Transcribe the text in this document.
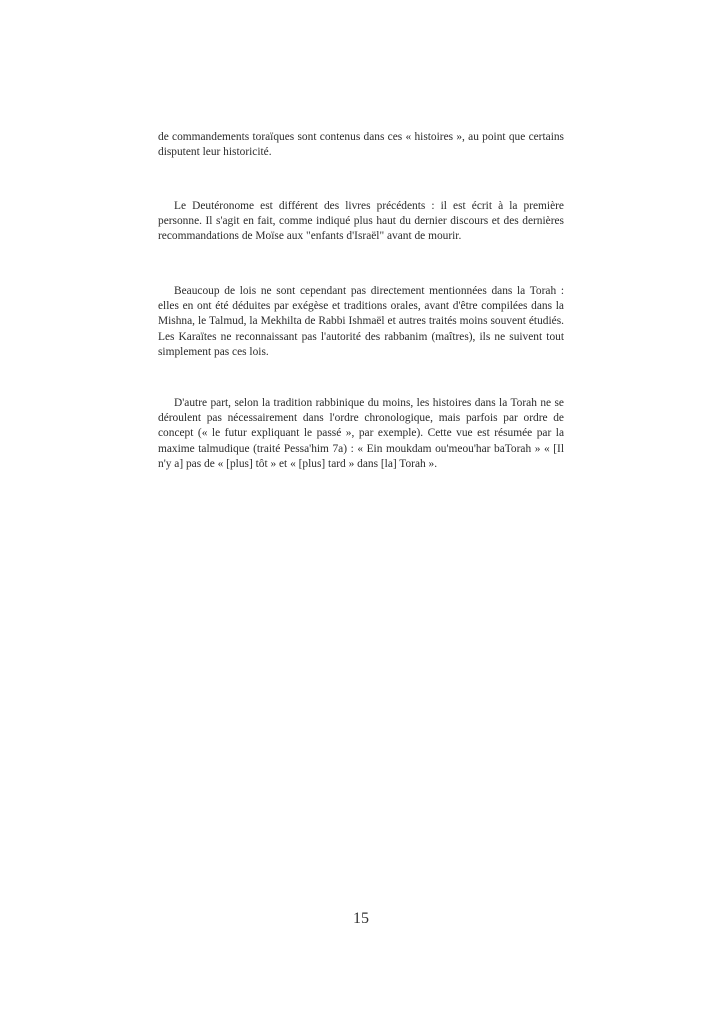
de commandements toraïques sont contenus dans ces « histoires », au point que certains disputent leur historicité.

Le Deutéronome est différent des livres précédents : il est écrit à la première personne. Il s'agit en fait, comme indiqué plus haut du dernier discours et des dernières recommandations de Moïse aux "enfants d'Israël" avant de mourir.

Beaucoup de lois ne sont cependant pas directement mentionnées dans la Torah : elles en ont été déduites par exégèse et traditions orales, avant d'être compilées dans la Mishna, le Talmud, la Mekhilta de Rabbi Ishmaël et autres traités moins souvent étudiés. Les Karaïtes ne reconnaissant pas l'autorité des rabbanim (maîtres), ils ne suivent tout simplement pas ces lois.

D'autre part, selon la tradition rabbinique du moins, les histoires dans la Torah ne se déroulent pas nécessairement dans l'ordre chronologique, mais parfois par ordre de concept (« le futur expliquant le passé », par exemple). Cette vue est résumée par la maxime talmudique (traité Pessa'him 7a) : « Ein moukdam ou'meou'har baTorah » « [Il n'y a] pas de « [plus] tôt » et « [plus] tard » dans [la] Torah ».

15
